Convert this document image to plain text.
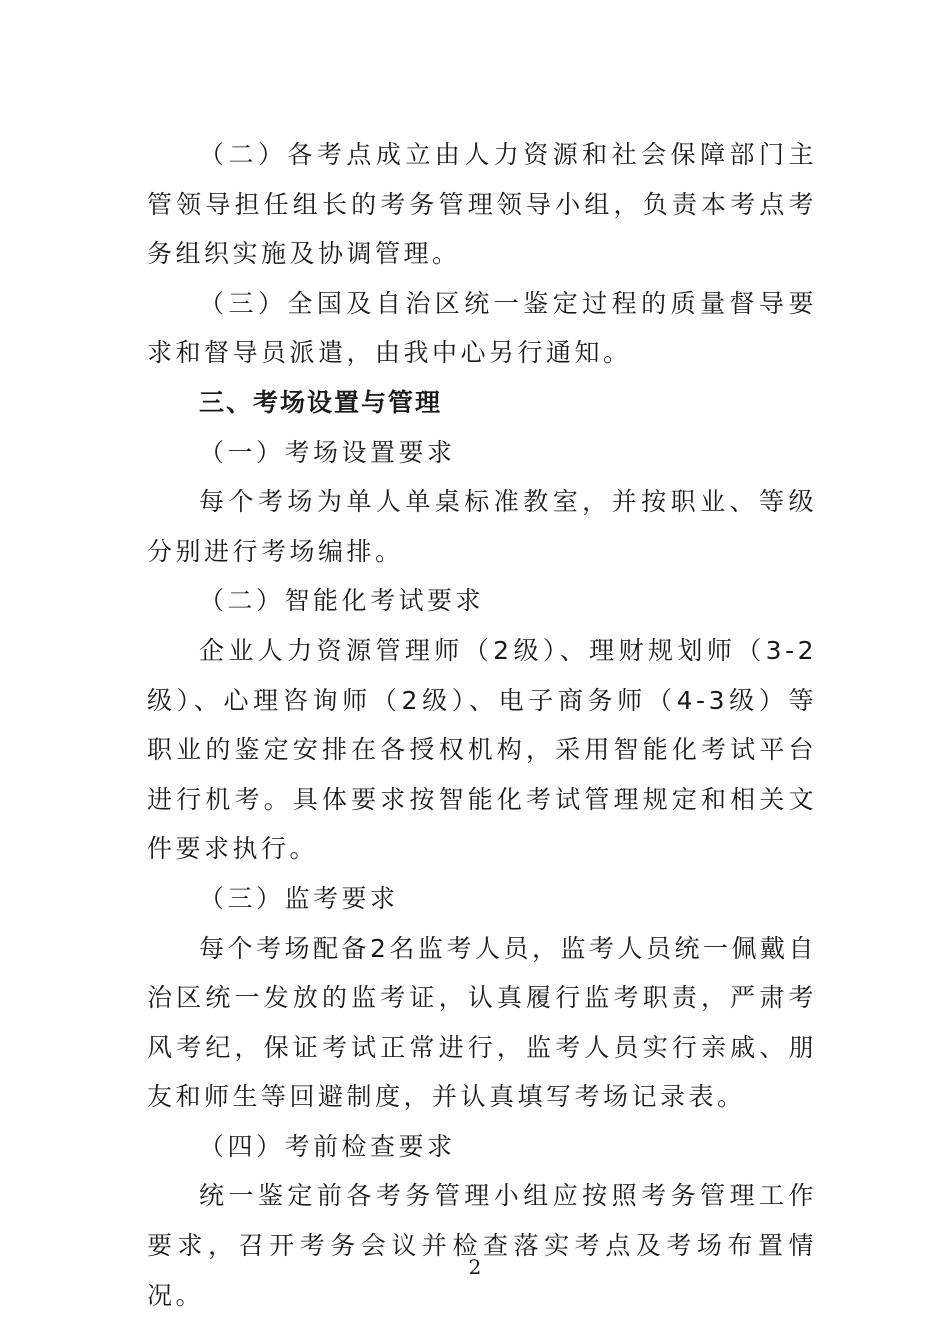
（二）各考点成立由人力资源和社会保障部门主管领导担任组长的考务管理领导小组，负责本考点考务组织实施及协调管理。

（三）全国及自治区统一鉴定过程的质量督导要求和督导员派遣，由我中心另行通知。

三、考场设置与管理

（一）考场设置要求

每个考场为单人单桌标准教室，并按职业、等级分别进行考场编排。

（二）智能化考试要求

企业人力资源管理师（2级）、理财规划师（3-2级）、心理咨询师（2级）、电子商务师（4-3级）等职业的鉴定安排在各授权机构，采用智能化考试平台进行机考。具体要求按智能化考试管理规定和相关文件要求执行。

（三）监考要求

每个考场配备2名监考人员，监考人员统一佩戴自治区统一发放的监考证，认真履行监考职责，严肃考风考纪，保证考试正常进行，监考人员实行亲戚、朋友和师生等回避制度，并认真填写考场记录表。

（四）考前检查要求

统一鉴定前各考务管理小组应按照考务管理工作要求，召开考务会议并检查落实考点及考场布置情况。

2
